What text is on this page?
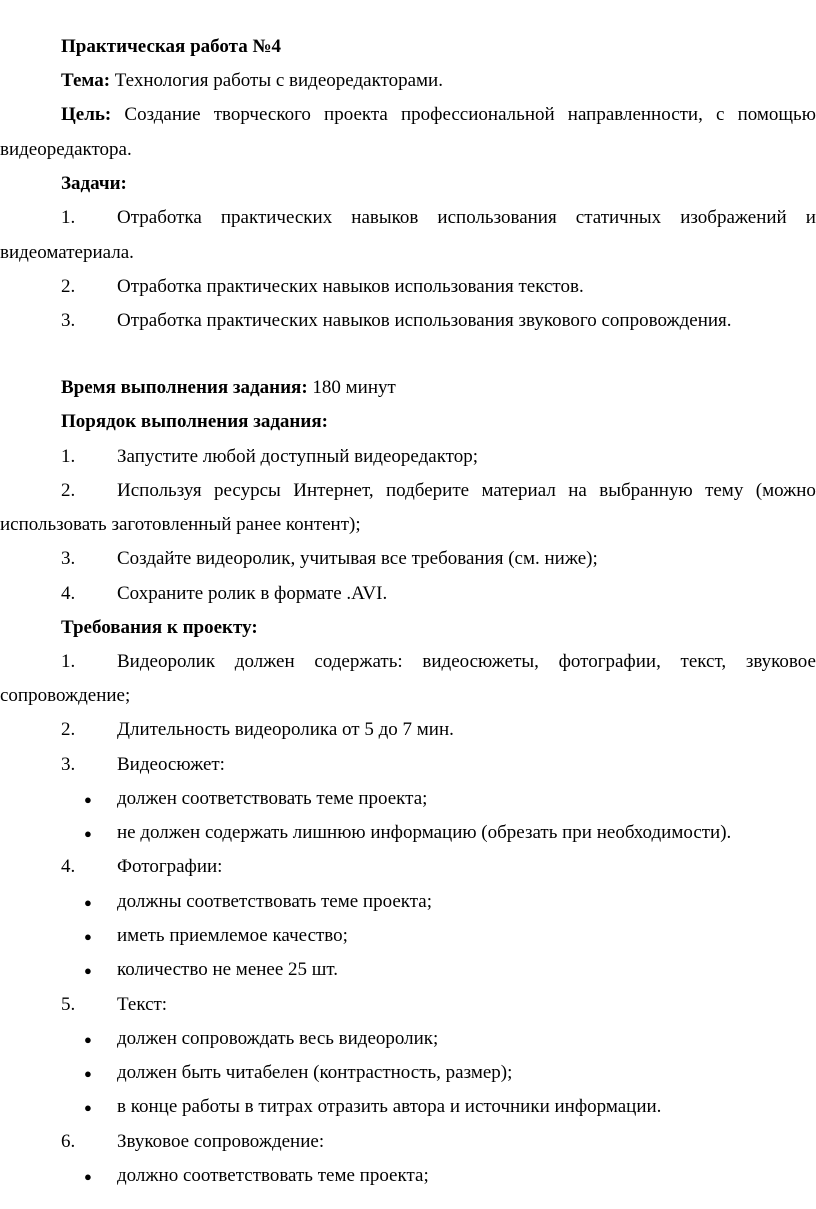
Практическая работа №4
Тема: Технология работы с видеоредакторами.
Цель: Создание творческого проекта профессиональной направленности, с помощью
видеоредактора.
Задачи:
1. Отработка практических навыков использования статичных изображений и
видеоматериала.
2. Отработка практических навыков использования текстов.
3. Отработка практических навыков использования звукового сопровождения.
Время выполнения задания: 180 минут
Порядок выполнения задания:
1. Запустите любой доступный видеоредактор;
2. Используя ресурсы Интернет, подберите материал на выбранную тему (можно
использовать заготовленный ранее контент);
3. Создайте видеоролик, учитывая все требования (см. ниже);
4. Сохраните ролик в формате .AVI.
Требования к проекту:
1. Видеоролик должен содержать: видеосюжеты, фотографии, текст, звуковое
сопровождение;
2. Длительность видеоролика от 5 до 7 мин.
3. Видеосюжет:
● должен соответствовать теме проекта;
● не должен содержать лишнюю информацию (обрезать при необходимости).
4. Фотографии:
● должны соответствовать теме проекта;
● иметь приемлемое качество;
● количество не менее 25 шт.
5. Текст:
● должен сопровождать весь видеоролик;
● должен быть читабелен (контрастность, размер);
● в конце работы в титрах отразить автора и источники информации.
6. Звуковое сопровождение:
● должно соответствовать теме проекта;
